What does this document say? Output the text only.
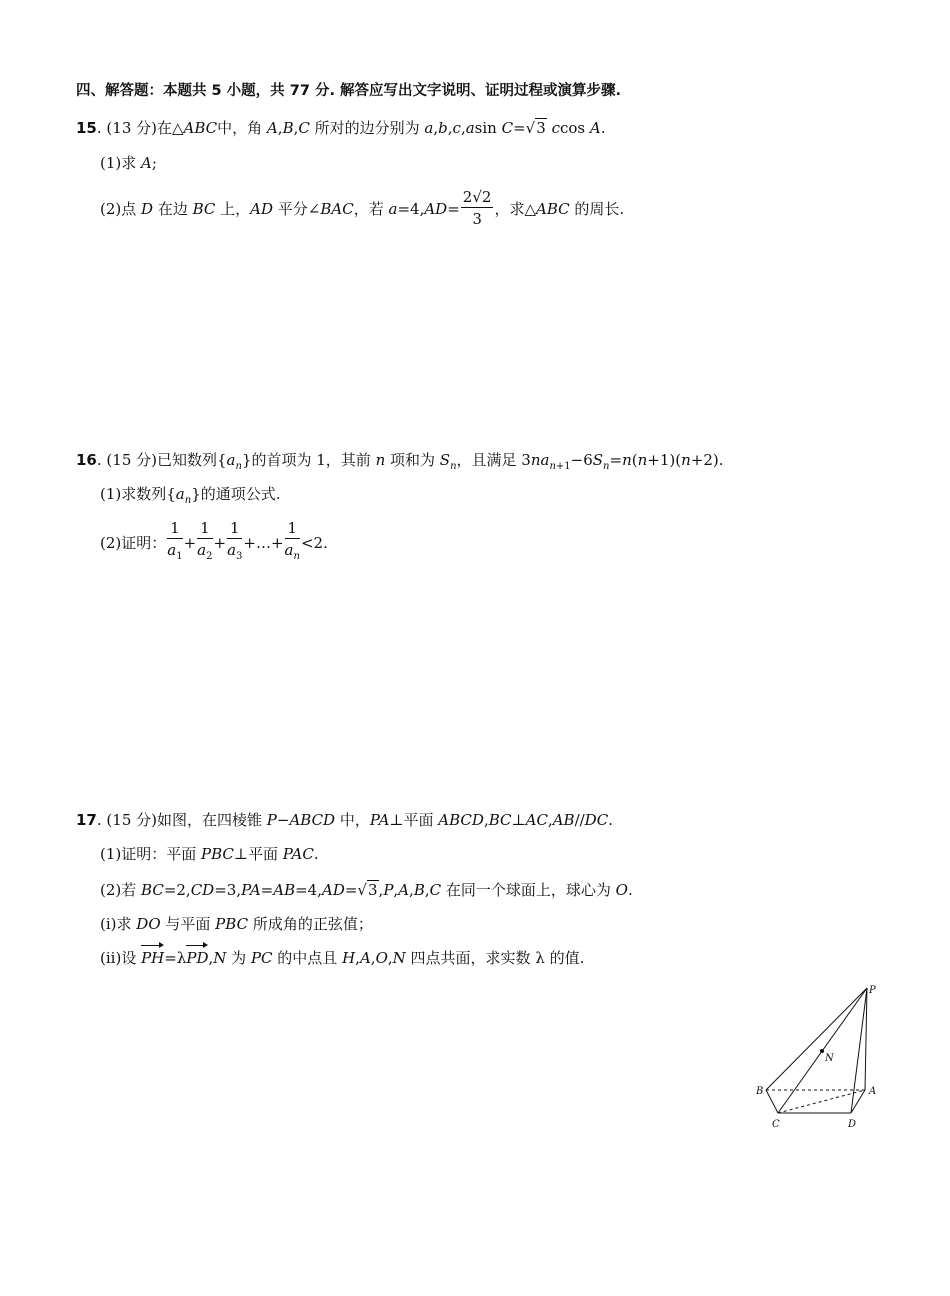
四、解答题：本题共 5 小题，共 77 分. 解答应写出文字说明、证明过程或演算步骤.
15. (13 分)在△ABC中，角 A,B,C 所对的边分别为 a,b,c,asin C=√3 ccos A.
(1)求 A;
(2)点 D 在边 BC 上，AD 平分∠BAC，若 $a=4,AD= \frac{2√2}{3}$ ，求△ABC 的周长.
16. (15 分)已知数列$\{a_n\}$的首项为 1，其前 n 项和为 $S_n$，且满足 $3na_{n+1}-6S_n=n(n+1)(n+2)$.
(1)求数列$\{a_n\}$的通项公式.
(2)证明： $\frac{1}{a_1} + \frac{1}{a_2} + \frac{1}{a_3}$ +…+ $\frac{1}{a_n} <2$.
17. (15 分)如图，在四棱锥 P−ABCD 中，PA⊥平面 ABCD,BC⊥AC,AB//DC.
(1)证明：平面 PBC⊥平面 PAC.
(2)若 BC=2,CD=3,PA=AB=4,AD=√3,P,A,B,C 在同一个球面上，球心为 O.
(i)求 DO 与平面 PBC 所成角的正弦值；
(ii)设 PH=λPD,N 为 PC 的中点且 H,A,O,N 四点共面，求实数 λ 的值.
P
N
B	A
C	D
